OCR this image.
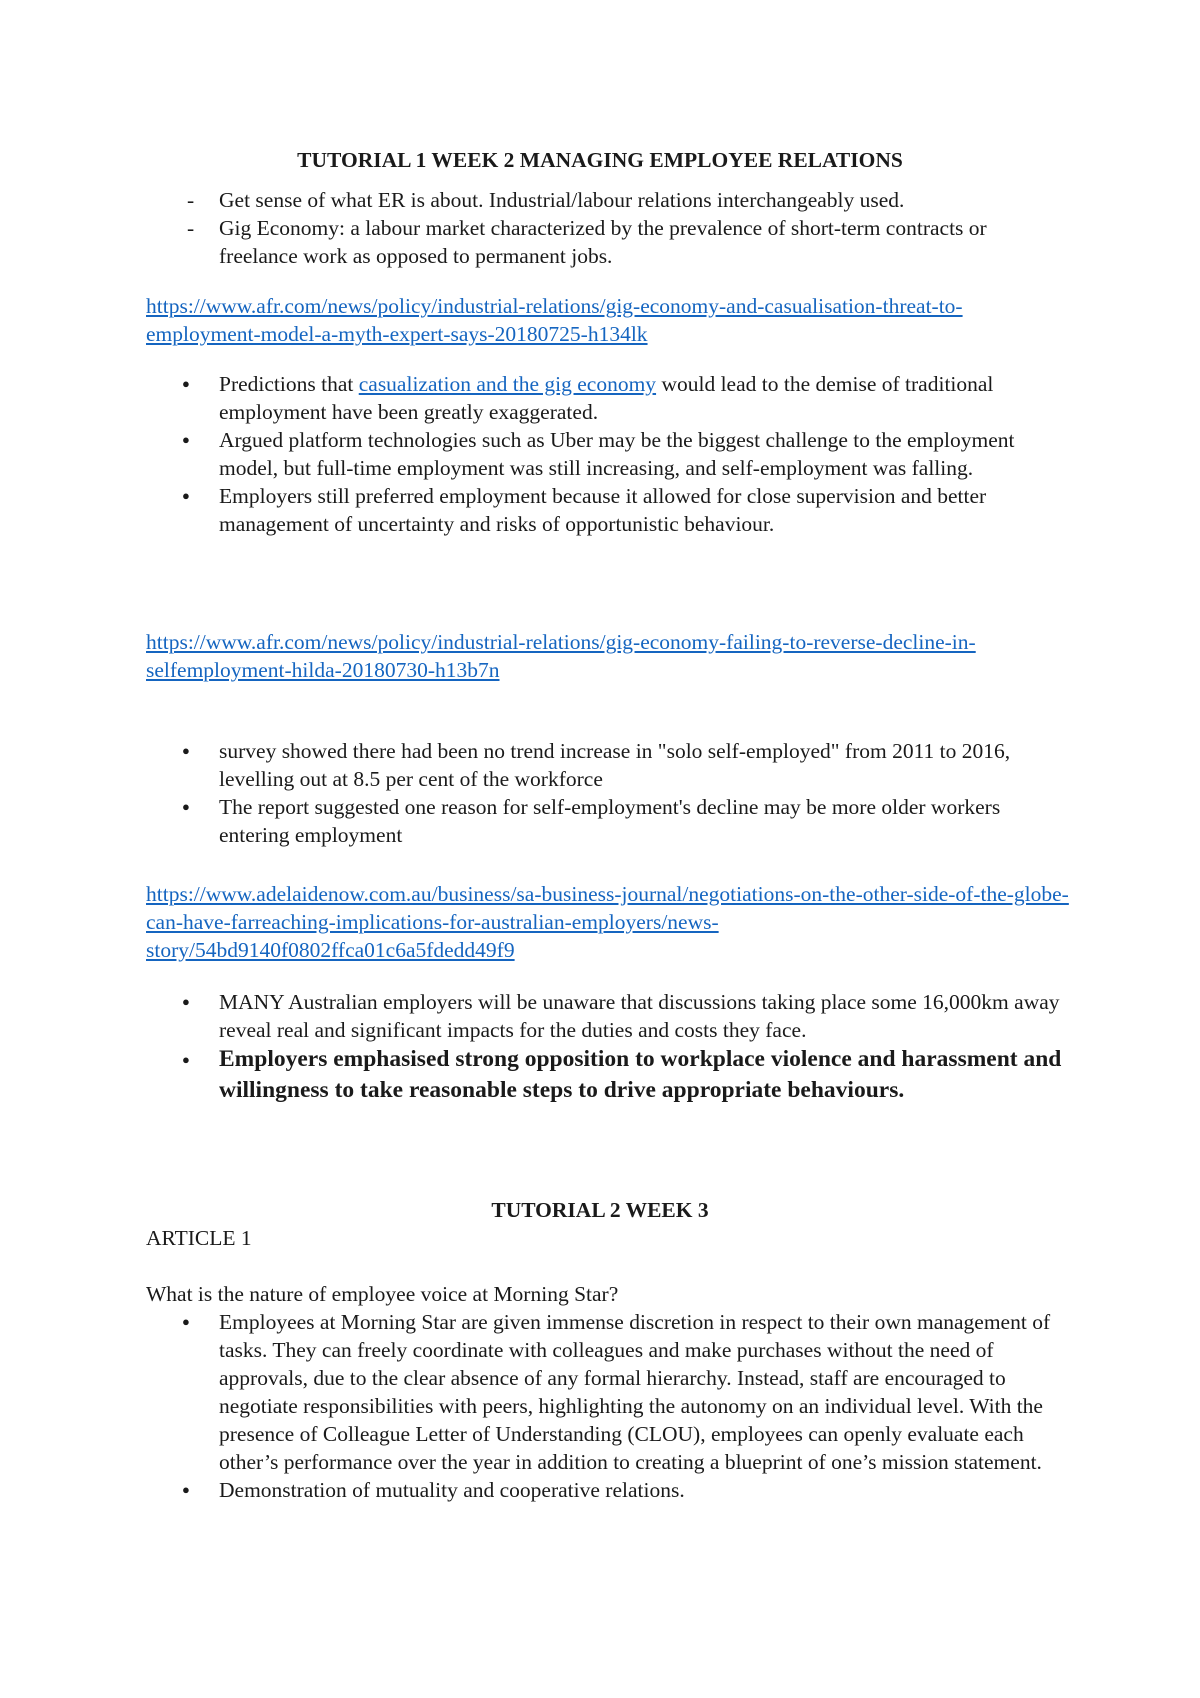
TUTORIAL 1 WEEK 2 MANAGING EMPLOYEE RELATIONS
- Get sense of what ER is about. Industrial/labour relations interchangeably used.
- Gig Economy: a labour market characterized by the prevalence of short-term contracts or freelance work as opposed to permanent jobs.
https://www.afr.com/news/policy/industrial-relations/gig-economy-and-casualisation-threat-to-employment-model-a-myth-expert-says-20180725-h134lk
● Predictions that casualization and the gig economy would lead to the demise of traditional employment have been greatly exaggerated.
● Argued platform technologies such as Uber may be the biggest challenge to the employment model, but full-time employment was still increasing, and self-employment was falling.
● Employers still preferred employment because it allowed for close supervision and better management of uncertainty and risks of opportunistic behaviour.
https://www.afr.com/news/policy/industrial-relations/gig-economy-failing-to-reverse-decline-in-selfemployment-hilda-20180730-h13b7n
● survey showed there had been no trend increase in "solo self-employed" from 2011 to 2016, levelling out at 8.5 per cent of the workforce
● The report suggested one reason for self-employment's decline may be more older workers entering employment
https://www.adelaidenow.com.au/business/sa-business-journal/negotiations-on-the-other-side-of-the-globe-can-have-farreaching-implications-for-australian-employers/news-story/54bd9140f0802ffca01c6a5fdedd49f9
● MANY Australian employers will be unaware that discussions taking place some 16,000km away reveal real and significant impacts for the duties and costs they face.
● Employers emphasised strong opposition to workplace violence and harassment and willingness to take reasonable steps to drive appropriate behaviours.
TUTORIAL 2 WEEK 3
ARTICLE 1
What is the nature of employee voice at Morning Star?
● Employees at Morning Star are given immense discretion in respect to their own management of tasks. They can freely coordinate with colleagues and make purchases without the need of approvals, due to the clear absence of any formal hierarchy. Instead, staff are encouraged to negotiate responsibilities with peers, highlighting the autonomy on an individual level. With the presence of Colleague Letter of Understanding (CLOU), employees can openly evaluate each other’s performance over the year in addition to creating a blueprint of one’s mission statement.
● Demonstration of mutuality and cooperative relations.
